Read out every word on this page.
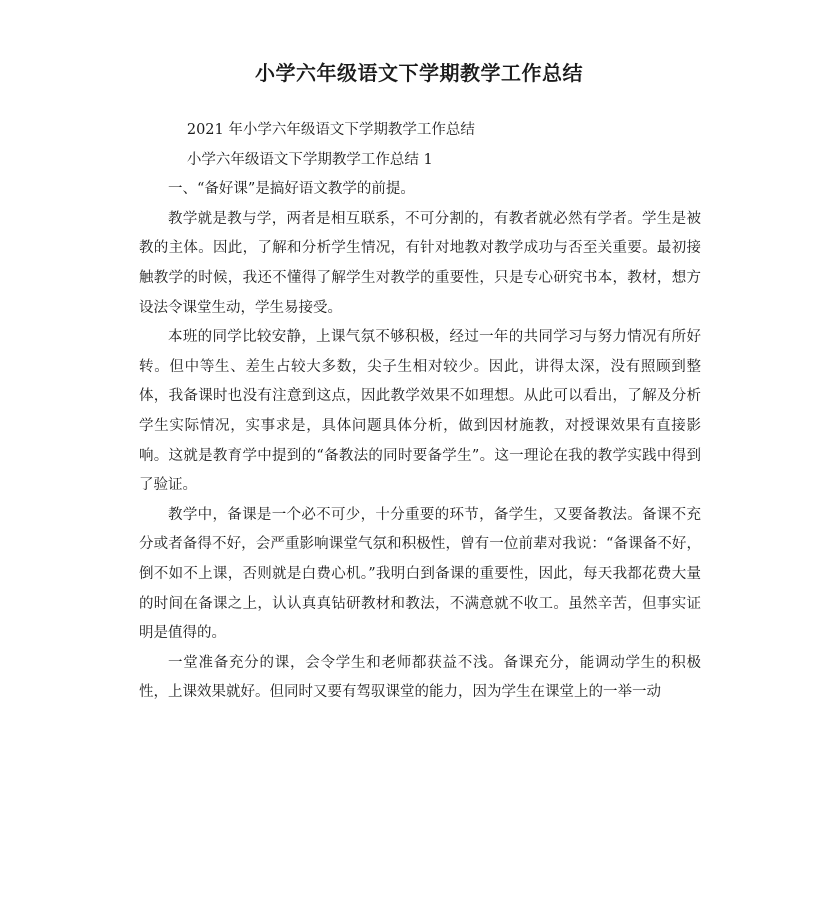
小学六年级语文下学期教学工作总结

2021 年小学六年级语文下学期教学工作总结

小学六年级语文下学期教学工作总结 1

一、“备好课”是搞好语文教学的前提。

教学就是教与学，两者是相互联系，不可分割的，有教者就必然有学者。学生是被教的主体。因此，了解和分析学生情况，有针对地教对教学成功与否至关重要。最初接触教学的时候，我还不懂得了解学生对教学的重要性，只是专心研究书本，教材，想方设法令课堂生动，学生易接受。

本班的同学比较安静，上课气氛不够积极，经过一年的共同学习与努力情况有所好转。但中等生、差生占较大多数，尖子生相对较少。因此，讲得太深，没有照顾到整体，我备课时也没有注意到这点，因此教学效果不如理想。从此可以看出，了解及分析学生实际情况，实事求是，具体问题具体分析，做到因材施教，对授课效果有直接影响。这就是教育学中提到的“备教法的同时要备学生”。这一理论在我的教学实践中得到了验证。

教学中，备课是一个必不可少，十分重要的环节，备学生，又要备教法。备课不充分或者备得不好，会严重影响课堂气氛和积极性，曾有一位前辈对我说：“备课备不好，倒不如不上课，否则就是白费心机。”我明白到备课的重要性，因此，每天我都花费大量的时间在备课之上，认认真真钻研教材和教法，不满意就不收工。虽然辛苦，但事实证明是值得的。

一堂准备充分的课，会令学生和老师都获益不浅。备课充分，能调动学生的积极性，上课效果就好。但同时又要有驾驭课堂的能力，因为学生在课堂上的一举一动
